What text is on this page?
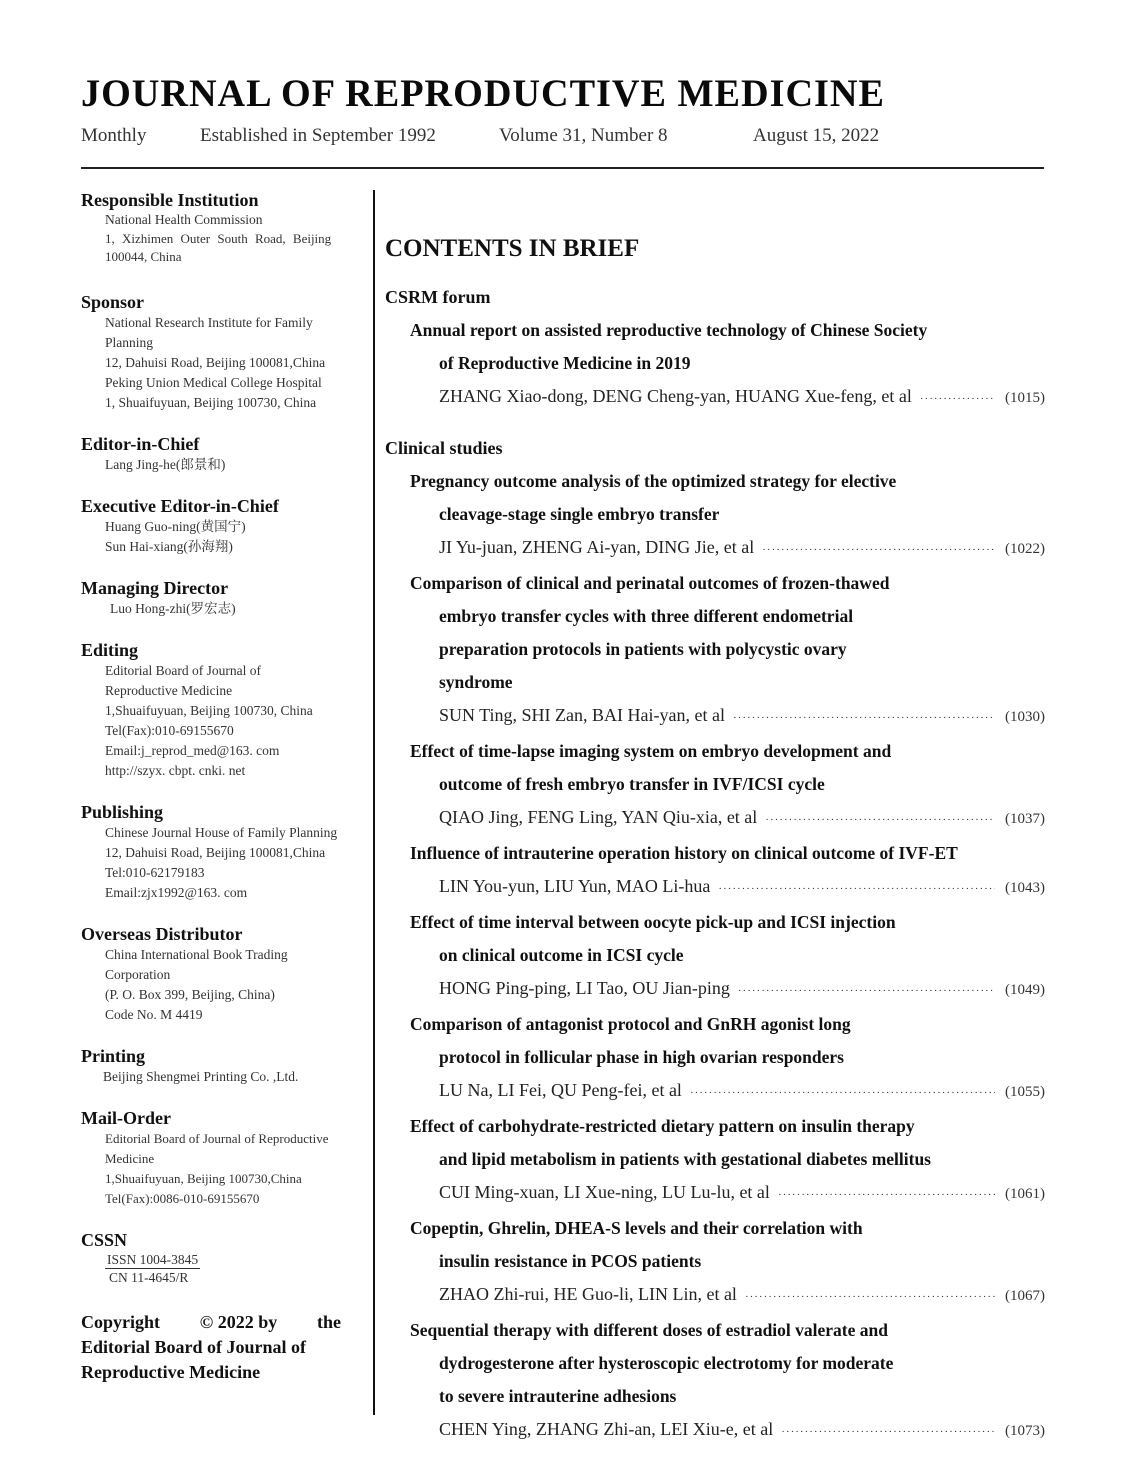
JOURNAL OF REPRODUCTIVE MEDICINE
Monthly	Established in September 1992	Volume 31, Number 8	August 15, 2022
Responsible Institution
National Health Commission
1, Xizhimen Outer South Road, Beijing
100044, China
Sponsor
National Research Institute for Family
Planning
12, Dahuisi Road, Beijing 100081,China
Peking Union Medical College Hospital
1, Shuaifuyuan, Beijing 100730, China
Editor-in-Chief
Lang Jing-he(郎景和)
Executive Editor-in-Chief
Huang Guo-ning(黄国宁)
Sun Hai-xiang(孙海翔)
Managing Director
Luo Hong-zhi(罗宏志)
Editing
Editorial Board of Journal of
Reproductive Medicine
1,Shuaifuyuan, Beijing 100730, China
Tel(Fax):010-69155670
Email:j_reprod_med@163. com
http://szyx. cbpt. cnki. net
Publishing
Chinese Journal House of Family Planning
12, Dahuisi Road, Beijing 100081,China
Tel:010-62179183
Email:zjx1992@163. com
Overseas Distributor
China International Book Trading
Corporation
(P. O. Box 399, Beijing, China)
Code No. M 4419
Printing
Beijing Shengmei Printing Co. ,Ltd.
Mail-Order
Editorial Board of Journal of Reproductive
Medicine
1,Shuaifuyuan, Beijing 100730,China
Tel(Fax):0086-010-69155670
CSSN
ISSN 1004-3845
CN 11-4645/R
Copyright © 2022 by the
Editorial Board of Journal of
Reproductive Medicine
CONTENTS IN BRIEF
CSRM forum
Annual report on assisted reproductive technology of Chinese Society
of Reproductive Medicine in 2019
ZHANG Xiao-dong, DENG Cheng-yan, HUANG Xue-feng, et al ·····	(1015)
Clinical studies
Pregnancy outcome analysis of the optimized strategy for elective
cleavage-stage single embryo transfer
JI Yu-juan, ZHENG Ai-yan, DING Jie, et al ·····	(1022)
Comparison of clinical and perinatal outcomes of frozen-thawed
embryo transfer cycles with three different endometrial
preparation protocols in patients with polycystic ovary
syndrome
SUN Ting, SHI Zan, BAI Hai-yan, et al ·····	(1030)
Effect of time-lapse imaging system on embryo development and
outcome of fresh embryo transfer in IVF/ICSI cycle
QIAO Jing, FENG Ling, YAN Qiu-xia, et al ·····	(1037)
Influence of intrauterine operation history on clinical outcome of IVF-ET
LIN You-yun, LIU Yun, MAO Li-hua ·····	(1043)
Effect of time interval between oocyte pick-up and ICSI injection
on clinical outcome in ICSI cycle
HONG Ping-ping, LI Tao, OU Jian-ping ·····	(1049)
Comparison of antagonist protocol and GnRH agonist long
protocol in follicular phase in high ovarian responders
LU Na, LI Fei, QU Peng-fei, et al ·····	(1055)
Effect of carbohydrate-restricted dietary pattern on insulin therapy
and lipid metabolism in patients with gestational diabetes mellitus
CUI Ming-xuan, LI Xue-ning, LU Lu-lu, et al ·····	(1061)
Copeptin, Ghrelin, DHEA-S levels and their correlation with
insulin resistance in PCOS patients
ZHAO Zhi-rui, HE Guo-li, LIN Lin, et al ·····	(1067)
Sequential therapy with different doses of estradiol valerate and
dydrogesterone after hysteroscopic electrotomy for moderate
to severe intrauterine adhesions
CHEN Ying, ZHANG Zhi-an, LEI Xiu-e, et al ·····	(1073)
